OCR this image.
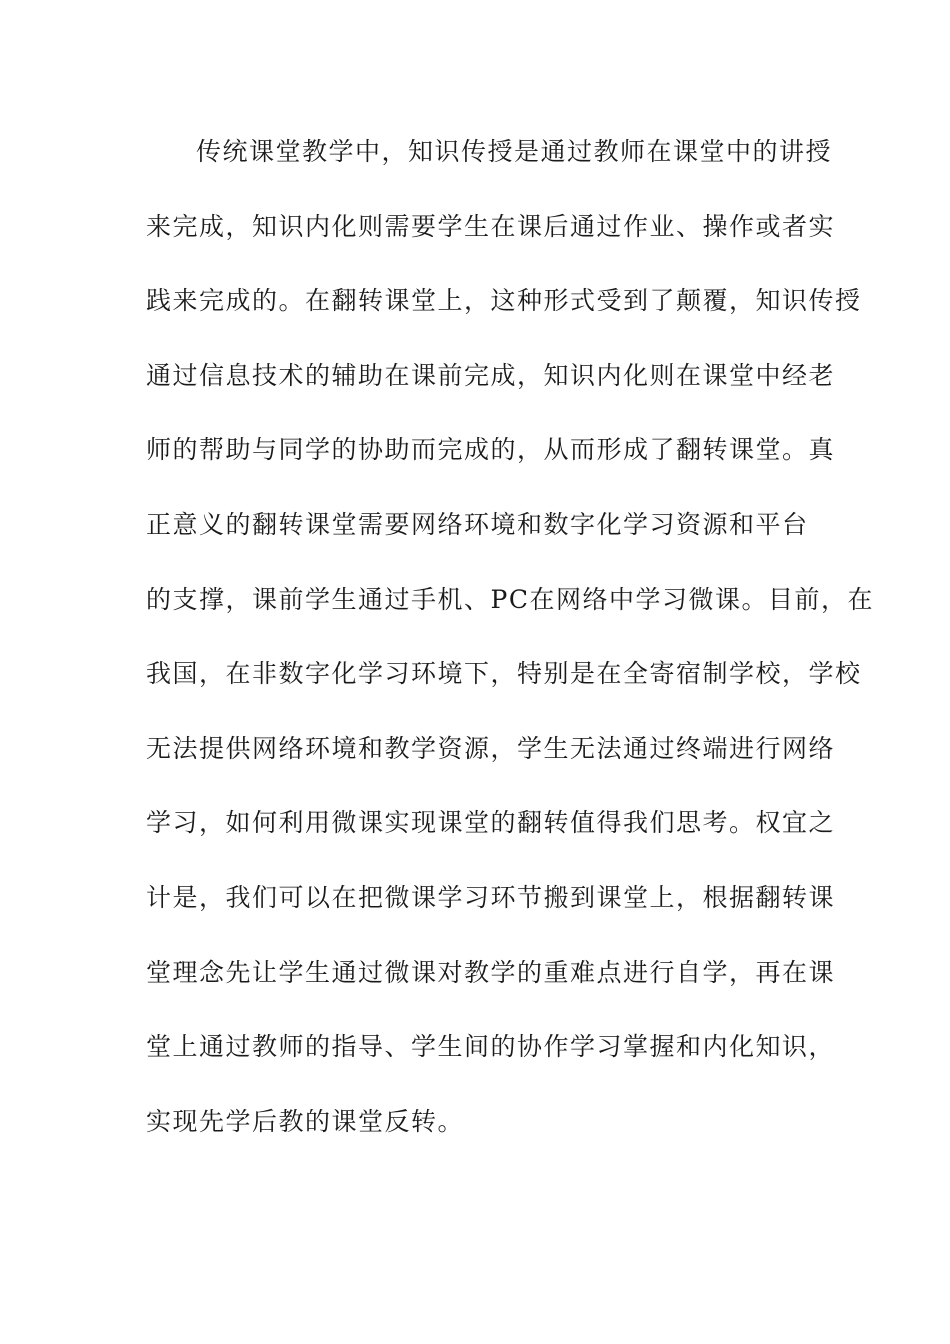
传统课堂教学中，知识传授是通过教师在课堂中的讲授
来完成，知识内化则需要学生在课后通过作业、操作或者实
践来完成的。在翻转课堂上，这种形式受到了颠覆，知识传授
通过信息技术的辅助在课前完成，知识内化则在课堂中经老
师的帮助与同学的协助而完成的，从而形成了翻转课堂。真
正意义的翻转课堂需要网络环境和数字化学习资源和平台
的支撑，课前学生通过手机、PC在网络中学习微课。目前，在
我国，在非数字化学习环境下，特别是在全寄宿制学校，学校
无法提供网络环境和教学资源，学生无法通过终端进行网络
学习，如何利用微课实现课堂的翻转值得我们思考。权宜之
计是，我们可以在把微课学习环节搬到课堂上，根据翻转课
堂理念先让学生通过微课对教学的重难点进行自学，再在课
堂上通过教师的指导、学生间的协作学习掌握和内化知识，
实现先学后教的课堂反转。
